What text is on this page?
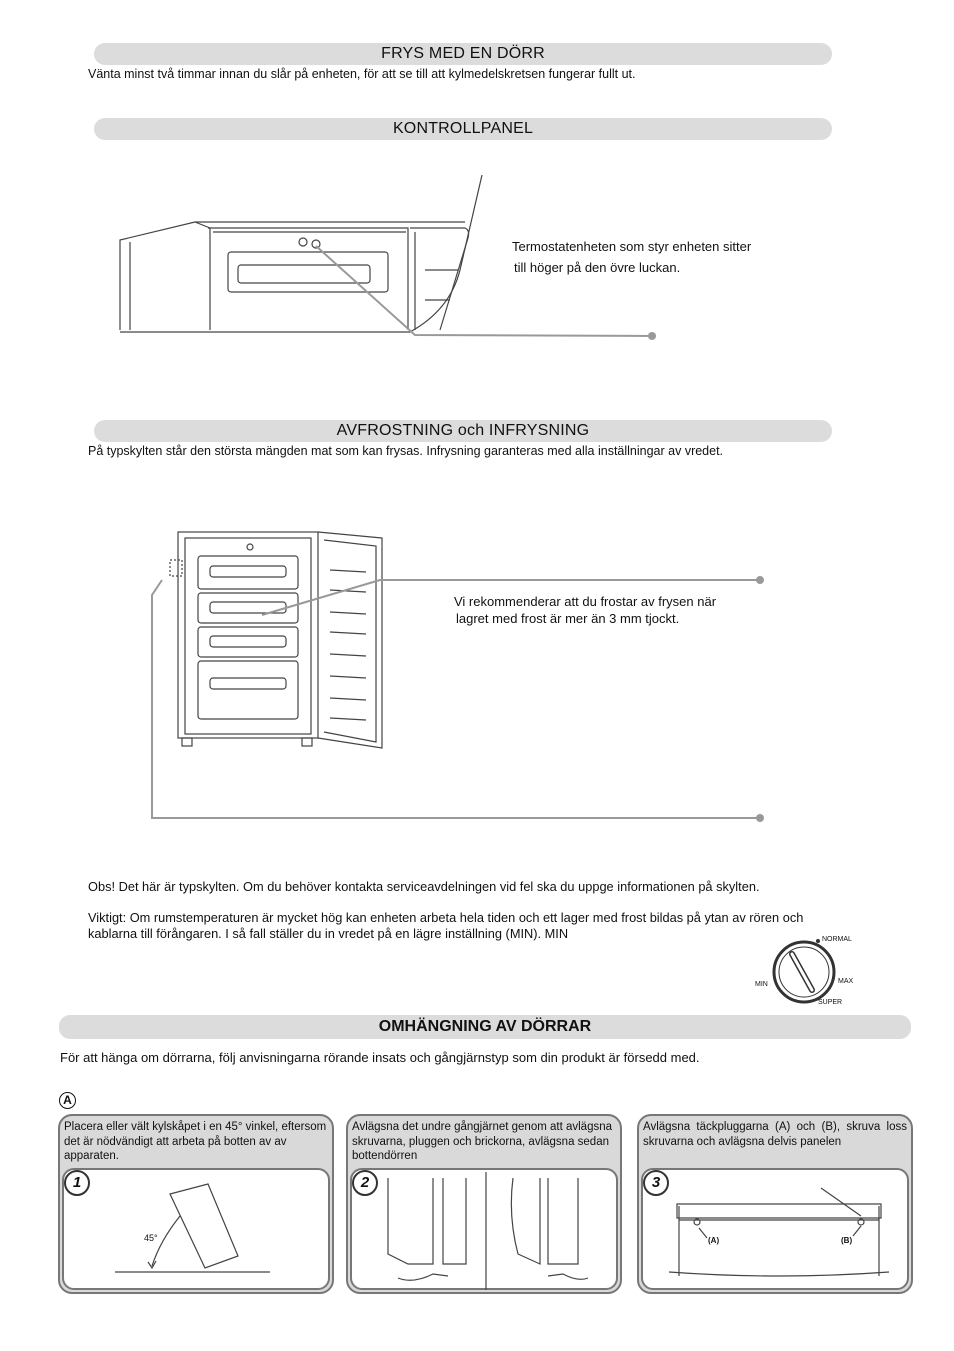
FRYS MED EN DÖRR
Vänta minst två timmar innan du slår på enheten, för att se till att kylmedelskretsen fungerar fullt ut.
KONTROLLPANEL
Termostatenheten som styr enheten sitter
till höger på den övre luckan.
AVFROSTNING och INFRYSNING
På typskylten står den största mängden mat som kan frysas. Infrysning garanteras med alla inställningar av vredet.
Vi rekommenderar att du frostar av frysen när
lagret med frost är mer än 3 mm tjockt.
Obs! Det här är typskylten. Om du behöver kontakta serviceavdelningen vid fel ska du uppge informationen på skylten.
Viktigt: Om rumstemperaturen är mycket hög kan enheten arbeta hela tiden och ett lager med frost bildas på ytan av rören och
kablarna till förångaren. I så fall ställer du in vredet på en lägre inställning (MIN). MIN	NORMAL
MAX
MIN
SUPER
OMHÄNGNING AV DÖRRAR
För att hänga om dörrarna, följ anvisningarna rörande insats och gångjärnstyp som din produkt är försedd med.
A
Placera eller vält kylskåpet i en 45° vinkel, eftersom det är nödvändigt att arbeta på botten av av apparaten.
1
45°
Avlägsna det undre gångjärnet genom att avlägsna skruvarna, pluggen och brickorna, avlägsna sedan bottendörren
2
Avlägsna täckpluggarna (A) och (B), skruva loss skruvarna och avlägsna delvis panelen
3
(A)	(B)
